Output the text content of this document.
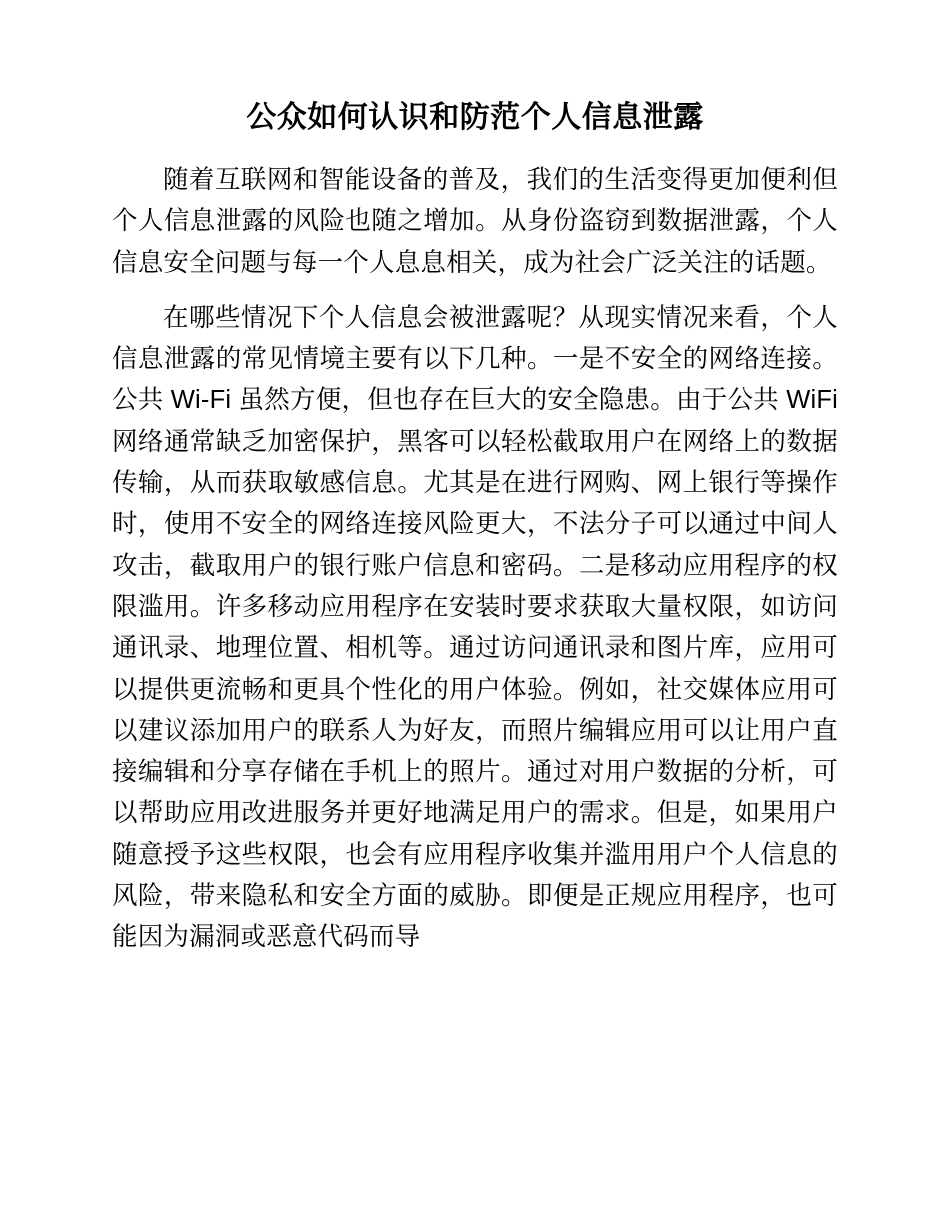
公众如何认识和防范个人信息泄露

随着互联网和智能设备的普及，我们的生活变得更加便利但个人信息泄露的风险也随之增加。从身份盗窃到数据泄露，个人信息安全问题与每一个人息息相关，成为社会广泛关注的话题。

在哪些情况下个人信息会被泄露呢？从现实情况来看，个人信息泄露的常见情境主要有以下几种。一是不安全的网络连接。公共 Wi-Fi 虽然方便，但也存在巨大的安全隐患。由于公共 WiFi 网络通常缺乏加密保护，黑客可以轻松截取用户在网络上的数据传输，从而获取敏感信息。尤其是在进行网购、网上银行等操作时，使用不安全的网络连接风险更大，不法分子可以通过中间人攻击，截取用户的银行账户信息和密码。二是移动应用程序的权限滥用。许多移动应用程序在安装时要求获取大量权限，如访问通讯录、地理位置、相机等。通过访问通讯录和图片库，应用可以提供更流畅和更具个性化的用户体验。例如，社交媒体应用可以建议添加用户的联系人为好友，而照片编辑应用可以让用户直接编辑和分享存储在手机上的照片。通过对用户数据的分析，可以帮助应用改进服务并更好地满足用户的需求。但是，如果用户随意授予这些权限，也会有应用程序收集并滥用用户个人信息的风险，带来隐私和安全方面的威胁。即便是正规应用程序，也可能因为漏洞或恶意代码而导
